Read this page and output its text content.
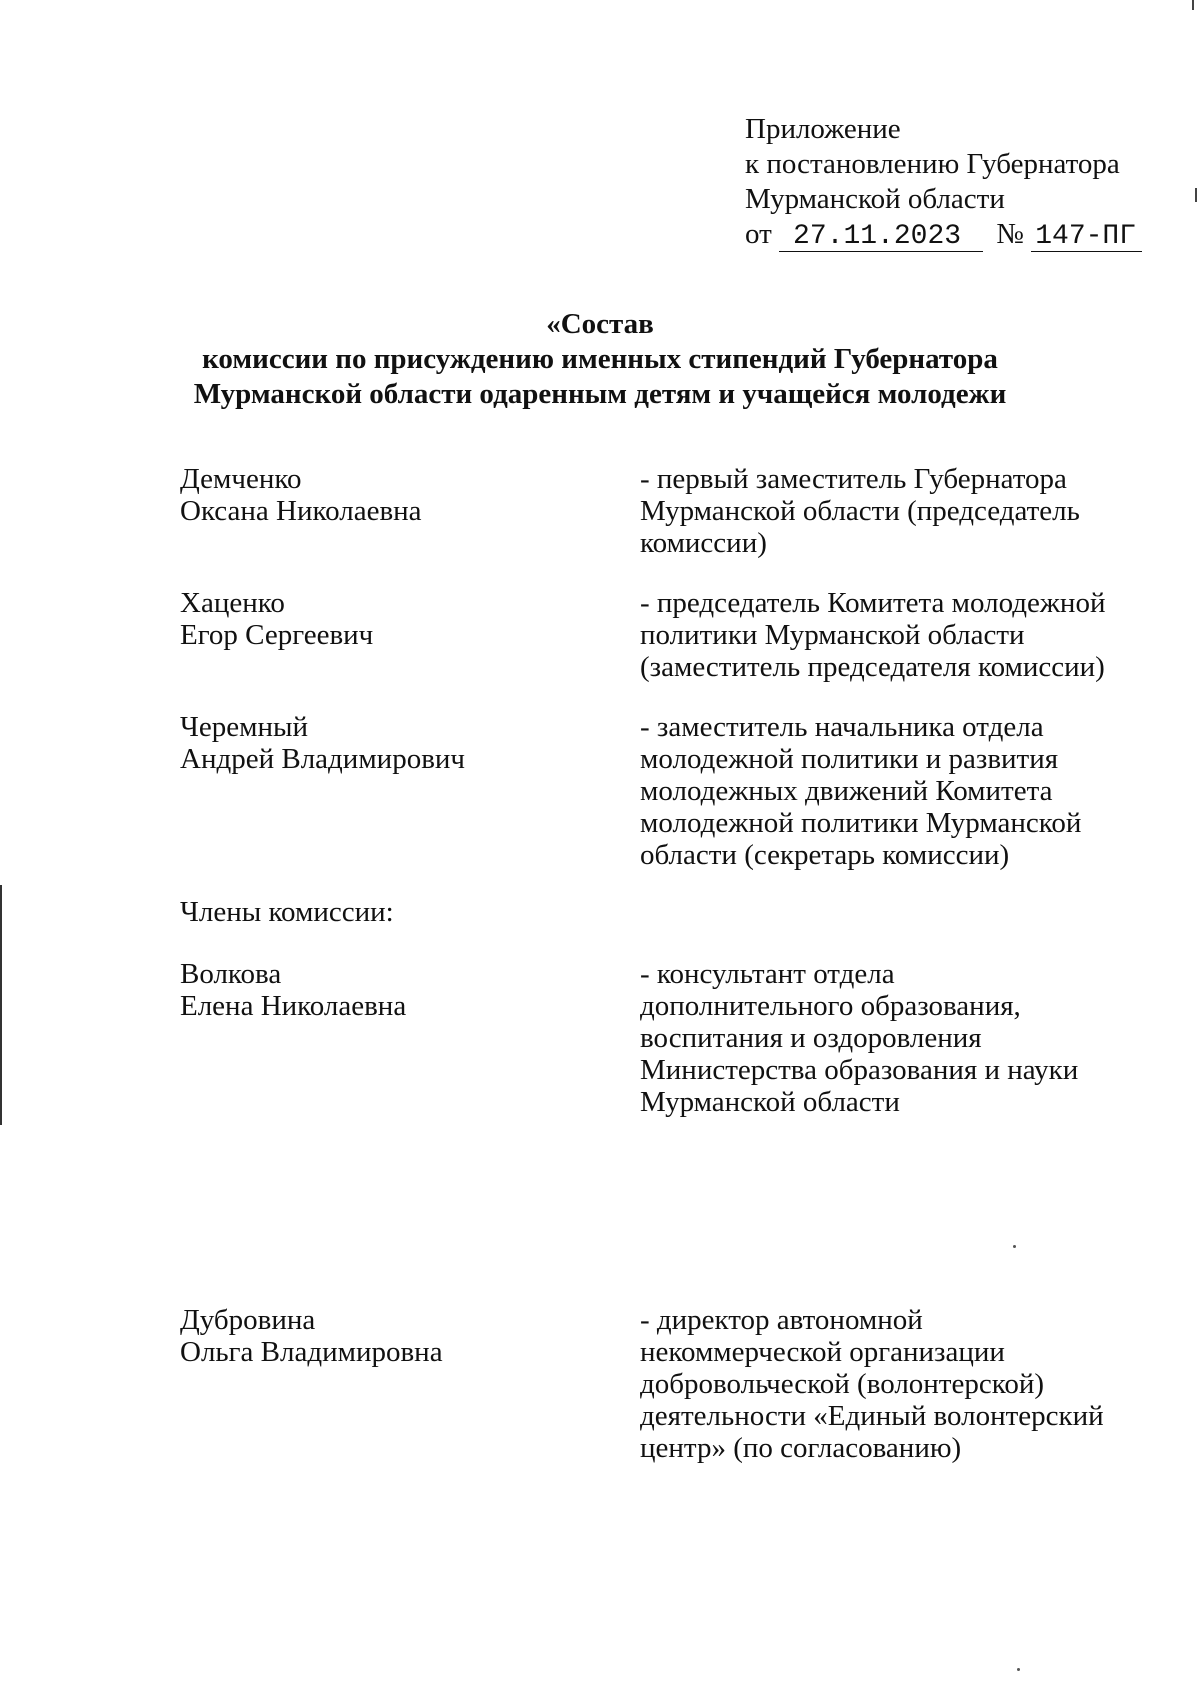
Приложение
к постановлению Губернатора
Мурманской области
от 27.11.2023 № 147-ПГ
«Состав
комиссии по присуждению именных стипендий Губернатора
Мурманской области одаренным детям и учащейся молодежи
Демченко
Оксана Николаевна
- первый заместитель Губернатора
Мурманской области (председатель
комиссии)
Хаценко
Егор Сергеевич
- председатель Комитета молодежной
политики Мурманской области
(заместитель председателя комиссии)
Черемный
Андрей Владимирович
- заместитель начальника отдела
молодежной политики и развития
молодежных движений Комитета
молодежной политики Мурманской
области (секретарь комиссии)
Члены комиссии:
Волкова
Елена Николаевна
- консультант отдела
дополнительного образования,
воспитания и оздоровления
Министерства образования и науки
Мурманской области
Дубровина
Ольга Владимировна
- директор автономной
некоммерческой организации
добровольческой (волонтерской)
деятельности «Единый волонтерский
центр» (по согласованию)
